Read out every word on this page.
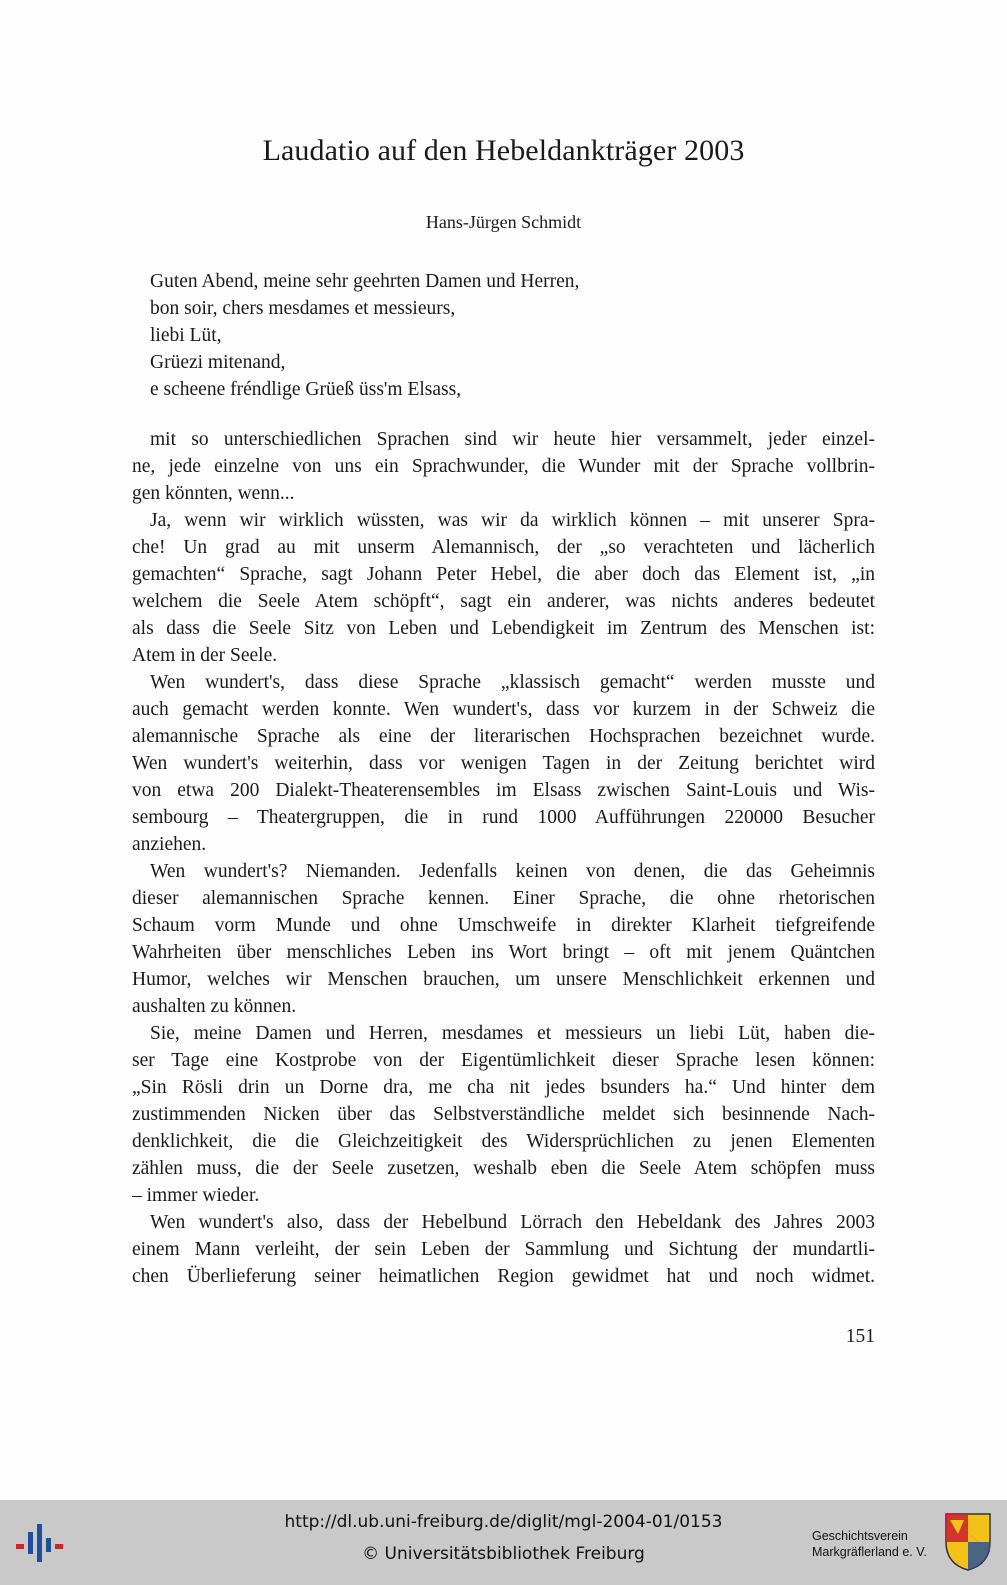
Laudatio auf den Hebeldankträger 2003
Hans-Jürgen Schmidt
Guten Abend, meine sehr geehrten Damen und Herren,
bon soir, chers mesdames et messieurs,
liebi Lüt,
Grüezi mitenand,
e scheene fréndlige Grüeß üss'm Elsass,
mit so unterschiedlichen Sprachen sind wir heute hier versammelt, jeder einzel-
ne, jede einzelne von uns ein Sprachwunder, die Wunder mit der Sprache vollbrin-
gen könnten, wenn...
Ja, wenn wir wirklich wüssten, was wir da wirklich können – mit unserer Spra-
che! Un grad au mit unserm Alemannisch, der „so verachteten und lächerlich
gemachten“ Sprache, sagt Johann Peter Hebel, die aber doch das Element ist, „in
welchem die Seele Atem schöpft“, sagt ein anderer, was nichts anderes bedeutet
als dass die Seele Sitz von Leben und Lebendigkeit im Zentrum des Menschen ist:
Atem in der Seele.
Wen wundert's, dass diese Sprache „klassisch gemacht“ werden musste und
auch gemacht werden konnte. Wen wundert's, dass vor kurzem in der Schweiz die
alemannische Sprache als eine der literarischen Hochsprachen bezeichnet wurde.
Wen wundert's weiterhin, dass vor wenigen Tagen in der Zeitung berichtet wird
von etwa 200 Dialekt-Theaterensembles im Elsass zwischen Saint-Louis und Wis-
sembourg – Theatergruppen, die in rund 1000 Aufführungen 220000 Besucher
anziehen.
Wen wundert's? Niemanden. Jedenfalls keinen von denen, die das Geheimnis
dieser alemannischen Sprache kennen. Einer Sprache, die ohne rhetorischen
Schaum vorm Munde und ohne Umschweife in direkter Klarheit tiefgreifende
Wahrheiten über menschliches Leben ins Wort bringt – oft mit jenem Quäntchen
Humor, welches wir Menschen brauchen, um unsere Menschlichkeit erkennen und
aushalten zu können.
Sie, meine Damen und Herren, mesdames et messieurs un liebi Lüt, haben die-
ser Tage eine Kostprobe von der Eigentümlichkeit dieser Sprache lesen können:
„Sin Rösli drin un Dorne dra, me cha nit jedes bsunders ha.“ Und hinter dem
zustimmenden Nicken über das Selbstverständliche meldet sich besinnende Nach-
denklichkeit, die die Gleichzeitigkeit des Widersprüchlichen zu jenen Elementen
zählen muss, die der Seele zusetzen, weshalb eben die Seele Atem schöpfen muss
– immer wieder.
Wen wundert's also, dass der Hebelbund Lörrach den Hebeldank des Jahres 2003
einem Mann verleiht, der sein Leben der Sammlung und Sichtung der mundartli-
chen Überlieferung seiner heimatlichen Region gewidmet hat und noch widmet.
151
http://dl.ub.uni-freiburg.de/diglit/mgl-2004-01/0153
© Universitätsbibliothek Freiburg
Geschichtsverein
Markgräflerland e. V.
